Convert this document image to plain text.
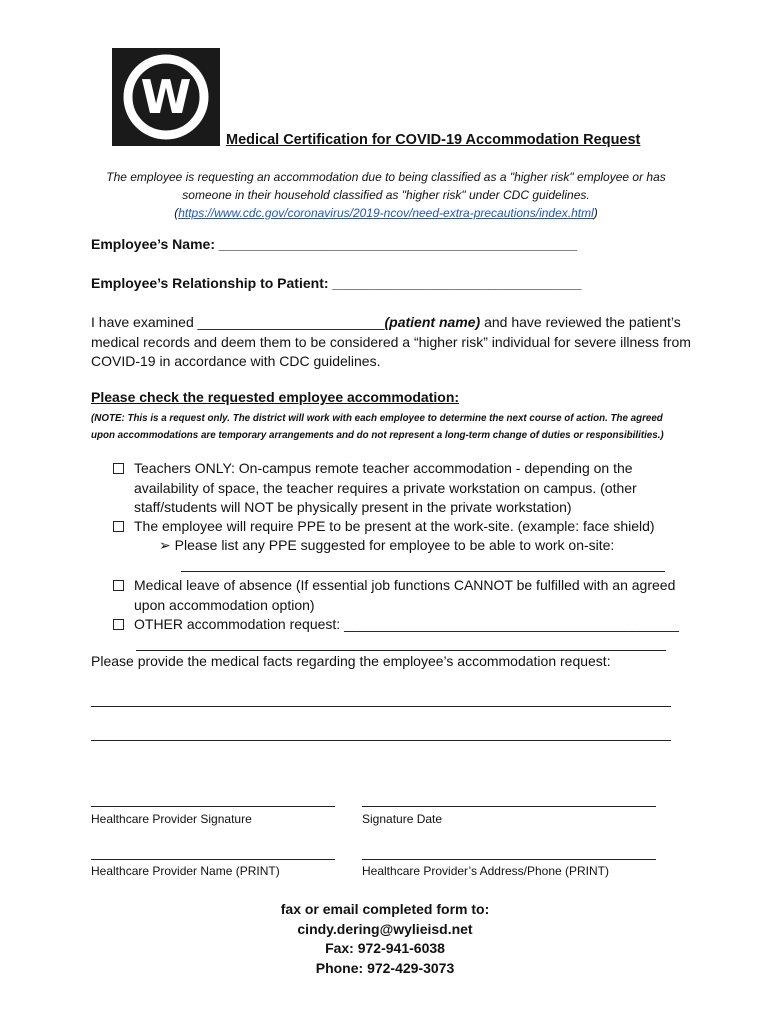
W
Medical Certification for COVID-19 Accommodation Request
The employee is requesting an accommodation due to being classified as a "higher risk" employee or has
someone in their household classified as "higher risk" under CDC guidelines.
(https://www.cdc.gov/coronavirus/2019-ncov/need-extra-precautions/index.html)
Employee’s Name: ______________________________________________
Employee’s Relationship to Patient: ________________________________
I have examined ________________________(patient name) and have reviewed the patient’s medical records and deem them to be considered a “higher risk” individual for severe illness from COVID-19 in accordance with CDC guidelines.
Please check the requested employee accommodation:
(NOTE: This is a request only. The district will work with each employee to determine the next course of action. The agreed upon accommodations are temporary arrangements and do not represent a long-term change of duties or responsibilities.)
Teachers ONLY: On-campus remote teacher accommodation - depending on the availability of space, the teacher requires a private workstation on campus. (other staff/students will NOT be physically present in the private workstation)
The employee will require PPE to be present at the work-site. (example: face shield)
➢ Please list any PPE suggested for employee to be able to work on-site:
Medical leave of absence (If essential job functions CANNOT be fulfilled with an agreed upon accommodation option)
OTHER accommodation request: ___________________________________________
Please provide the medical facts regarding the employee’s accommodation request:
Healthcare Provider Signature	Signature Date
Healthcare Provider Name (PRINT)	Healthcare Provider’s Address/Phone (PRINT)
fax or email completed form to:
cindy.dering@wylieisd.net
Fax: 972-941-6038
Phone: 972-429-3073
